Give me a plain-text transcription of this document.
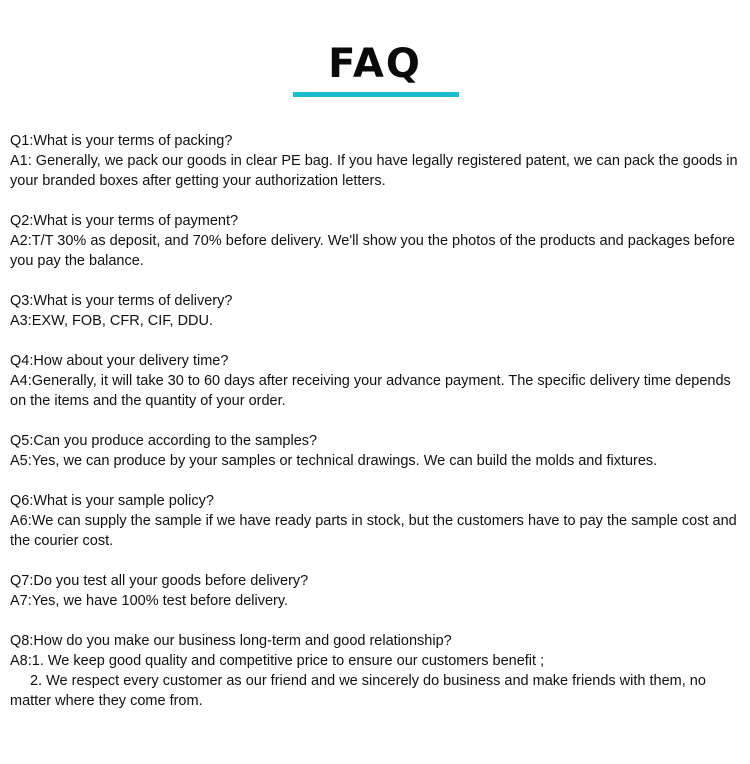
FAQ
Q1:What is your terms of packing?
A1: Generally, we pack our goods in clear PE bag. If you have legally registered patent, we can pack the goods in your branded boxes after getting your authorization letters.
Q2:What is your terms of payment?
A2:T/T 30% as deposit, and 70% before delivery. We'll show you the photos of the products and packages before you pay the balance.
Q3:What is your terms of delivery?
A3:EXW, FOB, CFR, CIF, DDU.
Q4:How about your delivery time?
A4:Generally, it will take 30 to 60 days after receiving your advance payment. The specific delivery time depends on the items and the quantity of your order.
Q5:Can you produce according to the samples?
A5:Yes, we can produce by your samples or technical drawings. We can build the molds and fixtures.
Q6:What is your sample policy?
A6:We can supply the sample if we have ready parts in stock, but the customers have to pay the sample cost and the courier cost.
Q7:Do you test all your goods before delivery?
A7:Yes, we have 100% test before delivery.
Q8:How do you make our business long-term and good relationship?
A8:1. We keep good quality and competitive price to ensure our customers benefit ;
2. We respect every customer as our friend and we sincerely do business and make friends with them, no matter where they come from.
